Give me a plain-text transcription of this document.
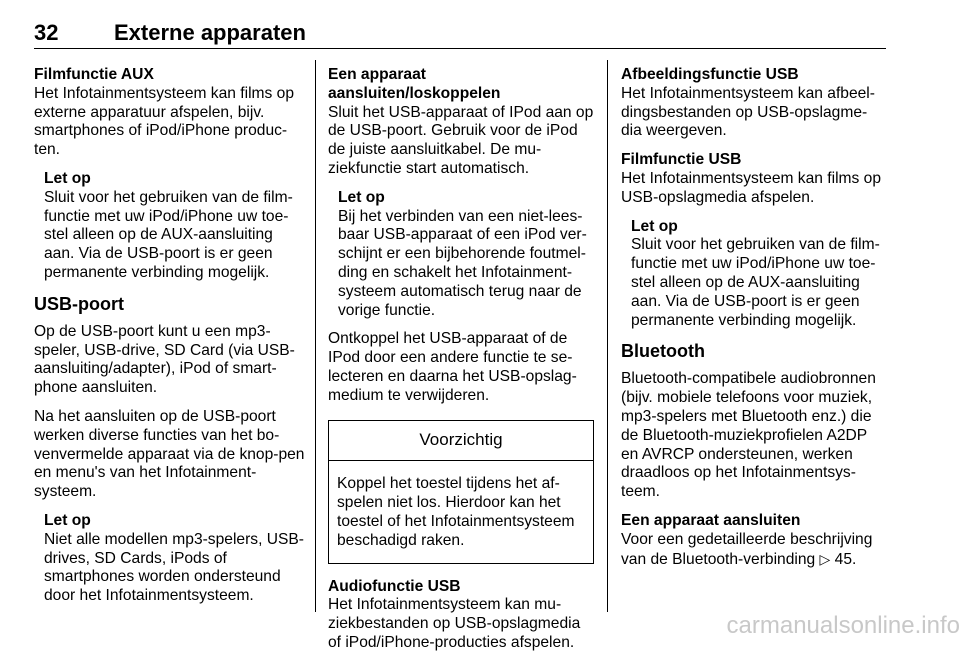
32	Externe apparaten
Filmfunctie AUX
Het Infotainmentsysteem kan films op externe apparatuur afspelen, bijv. smartphones of iPod/iPhone produc-ten.
Let op
Sluit voor het gebruiken van de film-functie met uw iPod/iPhone uw toe-stel alleen op de AUX-aansluiting aan. Via de USB-poort is er geen permanente verbinding mogelijk.
USB-poort
Op de USB-poort kunt u een mp3-speler, USB-drive, SD Card (via USB-aansluiting/adapter), iPod of smart-phone aansluiten.
Na het aansluiten op de USB-poort werken diverse functies van het bo-venvermelde apparaat via de knop-pen en menu's van het Infotainment-systeem.
Let op
Niet alle modellen mp3-spelers, USB-drives, SD Cards, iPods of smartphones worden ondersteund door het Infotainmentsysteem.
Een apparaat aansluiten/loskoppelen
Sluit het USB-apparaat of IPod aan op de USB-poort. Gebruik voor de iPod de juiste aansluitkabel. De mu-ziekfunctie start automatisch.
Let op
Bij het verbinden van een niet-lees-baar USB-apparaat of een iPod ver-schijnt er een bijbehorende foutmel-ding en schakelt het Infotainment-systeem automatisch terug naar de vorige functie.
Ontkoppel het USB-apparaat of de IPod door een andere functie te se-lecteren en daarna het USB-opslag-medium te verwijderen.
Voorzichtig
Koppel het toestel tijdens het af-spelen niet los. Hierdoor kan het toestel of het Infotainmentsysteem beschadigd raken.
Audiofunctie USB
Het Infotainmentsysteem kan mu-ziekbestanden op USB-opslagmedia of iPod/iPhone-producties afspelen.
Afbeeldingsfunctie USB
Het Infotainmentsysteem kan afbeel-dingsbestanden op USB-opslagme-dia weergeven.
Filmfunctie USB
Het Infotainmentsysteem kan films op USB-opslagmedia afspelen.
Let op
Sluit voor het gebruiken van de film-functie met uw iPod/iPhone uw toe-stel alleen op de AUX-aansluiting aan. Via de USB-poort is er geen permanente verbinding mogelijk.
Bluetooth
Bluetooth-compatibele audiobronnen (bijv. mobiele telefoons voor muziek, mp3-spelers met Bluetooth enz.) die de Bluetooth-muziekprofielen A2DP en AVRCP ondersteunen, werken draadloos op het Infotainmentsys-teem.
Een apparaat aansluiten
Voor een gedetailleerde beschrijving van de Bluetooth-verbinding ▷ 45.
carmanualsonline.info
